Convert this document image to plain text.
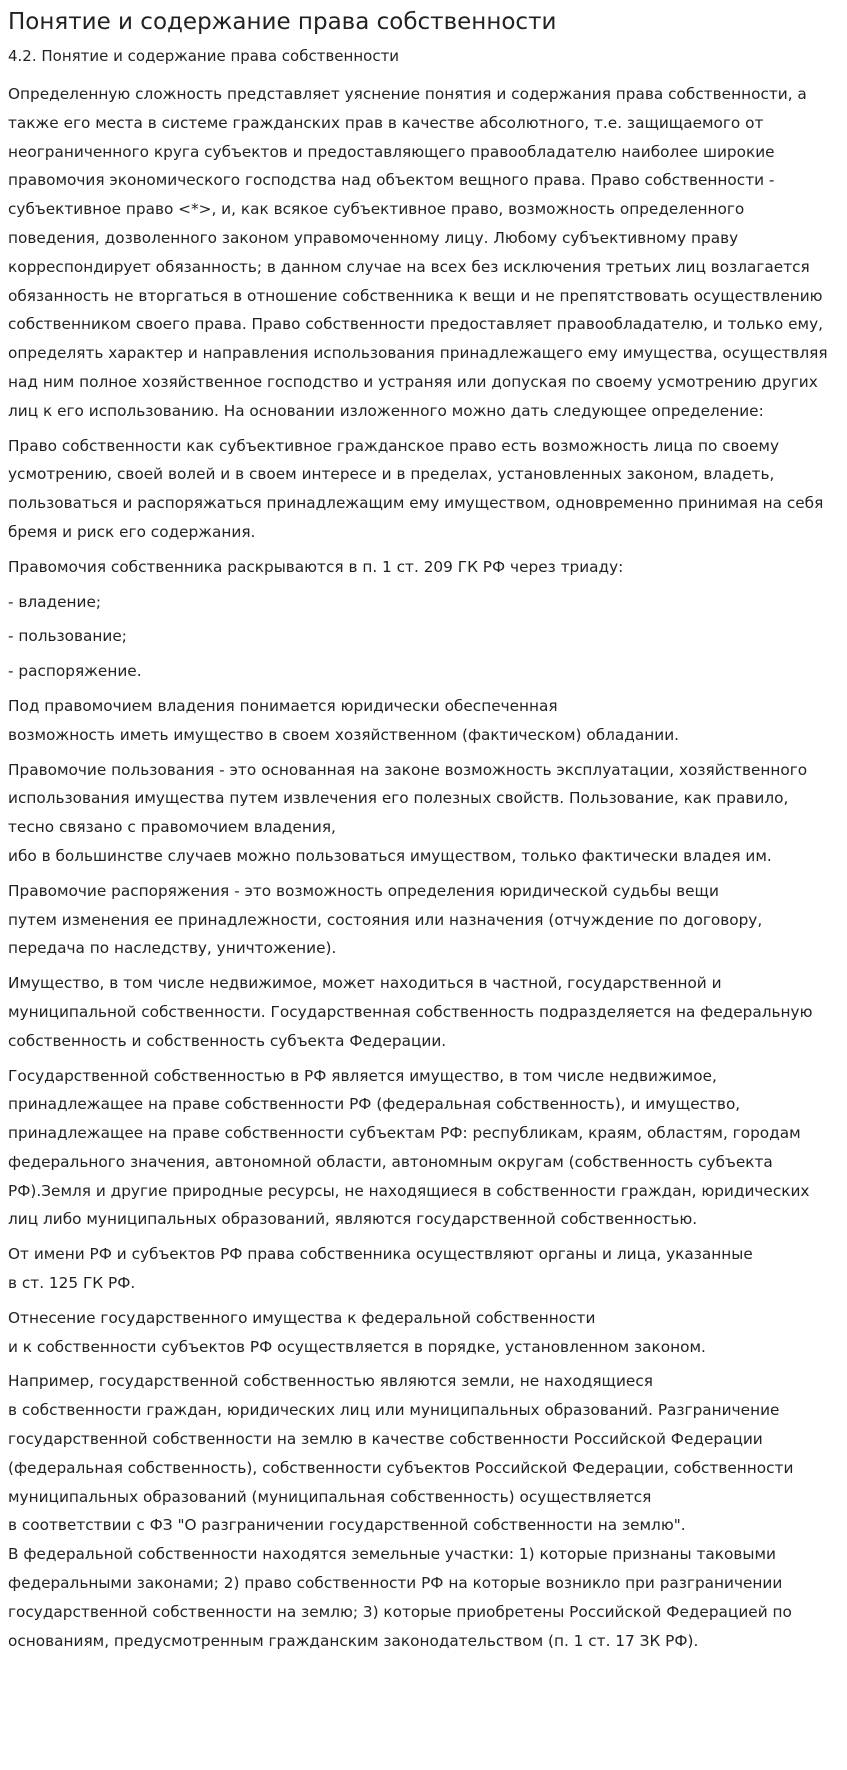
Понятие и содержание права собственности
4.2. Понятие и содержание права собственности

Определенную сложность представляет уяснение понятия и содержания права собственности, а также его места в системе гражданских прав в качестве абсолютного, т.е. защищаемого от неограниченного круга субъектов и предоставляющего правообладателю наиболее широкие правомочия экономического господства над объектом вещного права. Право собственности - субъективное право <*>, и, как всякое субъективное право, возможность определенного поведения, дозволенного законом управомоченному лицу. Любому субъективному праву корреспондирует обязанность; в данном случае на всех без исключения третьих лиц возлагается обязанность не вторгаться в отношение собственника к вещи и не препятствовать осуществлению собственником своего права. Право собственности предоставляет правообладателю, и только ему, определять характер и направления использования принадлежащего ему имущества, осуществляя над ним полное хозяйственное господство и устраняя или допуская по своему усмотрению других лиц к его использованию. На основании изложенного можно дать следующее определение:

Право собственности как субъективное гражданское право есть возможность лица по своему усмотрению, своей волей и в своем интересе и в пределах, установленных законом, владеть, пользоваться и распоряжаться принадлежащим ему имуществом, одновременно принимая на себя бремя и риск его содержания.

Правомочия собственника раскрываются в п. 1 ст. 209 ГК РФ через триаду:

- владение;

- пользование;

- распоряжение.

Под правомочием владения понимается юридически обеспеченная
возможность иметь имущество в своем хозяйственном (фактическом) обладании.

Правомочие пользования - это основанная на законе возможность эксплуатации, хозяйственного использования имущества путем извлечения его полезных свойств. Пользование, как правило, тесно связано с правомочием владения,
ибо в большинстве случаев можно пользоваться имуществом, только фактически владея им.

Правомочие распоряжения - это возможность определения юридической судьбы вещи
путем изменения ее принадлежности, состояния или назначения (отчуждение по договору, передача по наследству, уничтожение).

Имущество, в том числе недвижимое, может находиться в частной, государственной и муниципальной собственности. Государственная собственность подразделяется на федеральную собственность и собственность субъекта Федерации.

Государственной собственностью в РФ является имущество, в том числе недвижимое, принадлежащее на праве собственности РФ (федеральная собственность), и имущество, принадлежащее на праве собственности субъектам РФ: республикам, краям, областям, городам федерального значения, автономной области, автономным округам (собственность субъекта РФ).Земля и другие природные ресурсы, не находящиеся в собственности граждан, юридических лиц либо муниципальных образований, являются государственной собственностью.

От имени РФ и субъектов РФ права собственника осуществляют органы и лица, указанные
в ст. 125 ГК РФ.

Отнесение государственного имущества к федеральной собственности
и к собственности субъектов РФ осуществляется в порядке, установленном законом.

Например, государственной собственностью являются земли, не находящиеся
в собственности граждан, юридических лиц или муниципальных образований. Разграничение государственной собственности на землю в качестве собственности Российской Федерации (федеральная собственность), собственности субъектов Российской Федерации, собственности муниципальных образований (муниципальная собственность) осуществляется
в соответствии с ФЗ "О разграничении государственной собственности на землю".
В федеральной собственности находятся земельные участки: 1) которые признаны таковыми федеральными законами; 2) право собственности РФ на которые возникло при разграничении государственной собственности на землю; 3) которые приобретены Российской Федерацией по основаниям, предусмотренным гражданским законодательством (п. 1 ст. 17 ЗК РФ).
